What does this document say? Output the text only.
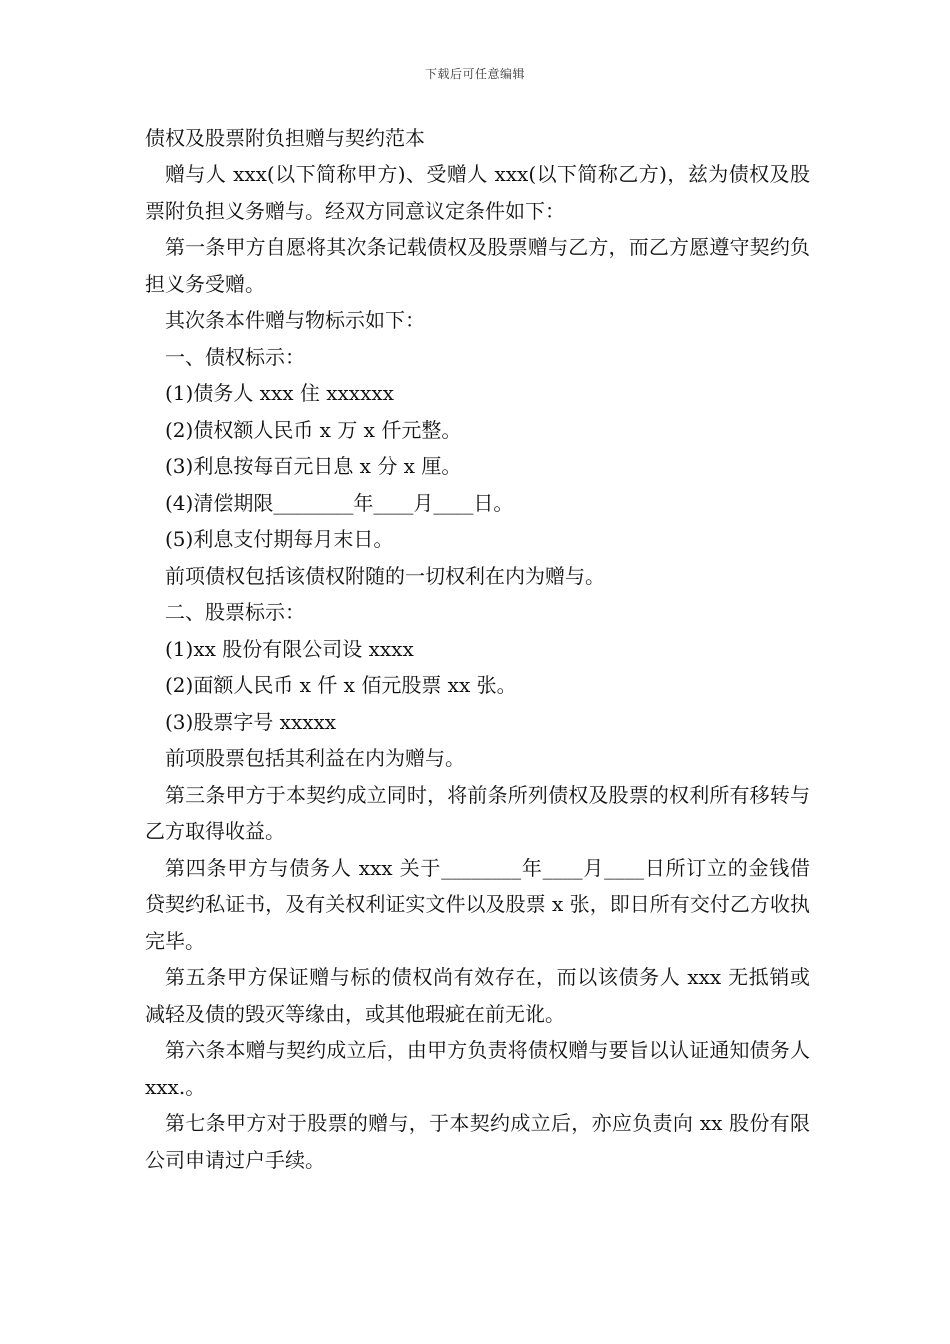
下载后可任意编辑

债权及股票附负担赠与契约范本

赠与人 xxx(以下简称甲方)、受赠人 xxx(以下简称乙方)，兹为债权及股票附负担义务赠与。经双方同意议定条件如下：

第一条甲方自愿将其次条记载债权及股票赠与乙方，而乙方愿遵守契约负担义务受赠。

其次条本件赠与物标示如下：

一、债权标示：

(1)债务人 xxx 住 xxxxxx

(2)债权额人民币 x 万 x 仟元整。

(3)利息按每百元日息 x 分 x 厘。

(4)清偿期限________年____月____日。

(5)利息支付期每月末日。

前项债权包括该债权附随的一切权利在内为赠与。

二、股票标示：

(1)xx 股份有限公司设 xxxx

(2)面额人民币 x 仟 x 佰元股票 xx 张。

(3)股票字号 xxxxx

前项股票包括其利益在内为赠与。

第三条甲方于本契约成立同时，将前条所列债权及股票的权利所有移转与乙方取得收益。

第四条甲方与债务人 xxx 关于________年____月____日所订立的金钱借贷契约私证书，及有关权利证实文件以及股票 x 张，即日所有交付乙方收执完毕。

第五条甲方保证赠与标的债权尚有效存在，而以该债务人 xxx 无抵销或减轻及债的毁灭等缘由，或其他瑕疵在前无讹。

第六条本赠与契约成立后，由甲方负责将债权赠与要旨以认证通知债务人 xxx.。

第七条甲方对于股票的赠与，于本契约成立后，亦应负责向 xx 股份有限公司申请过户手续。
